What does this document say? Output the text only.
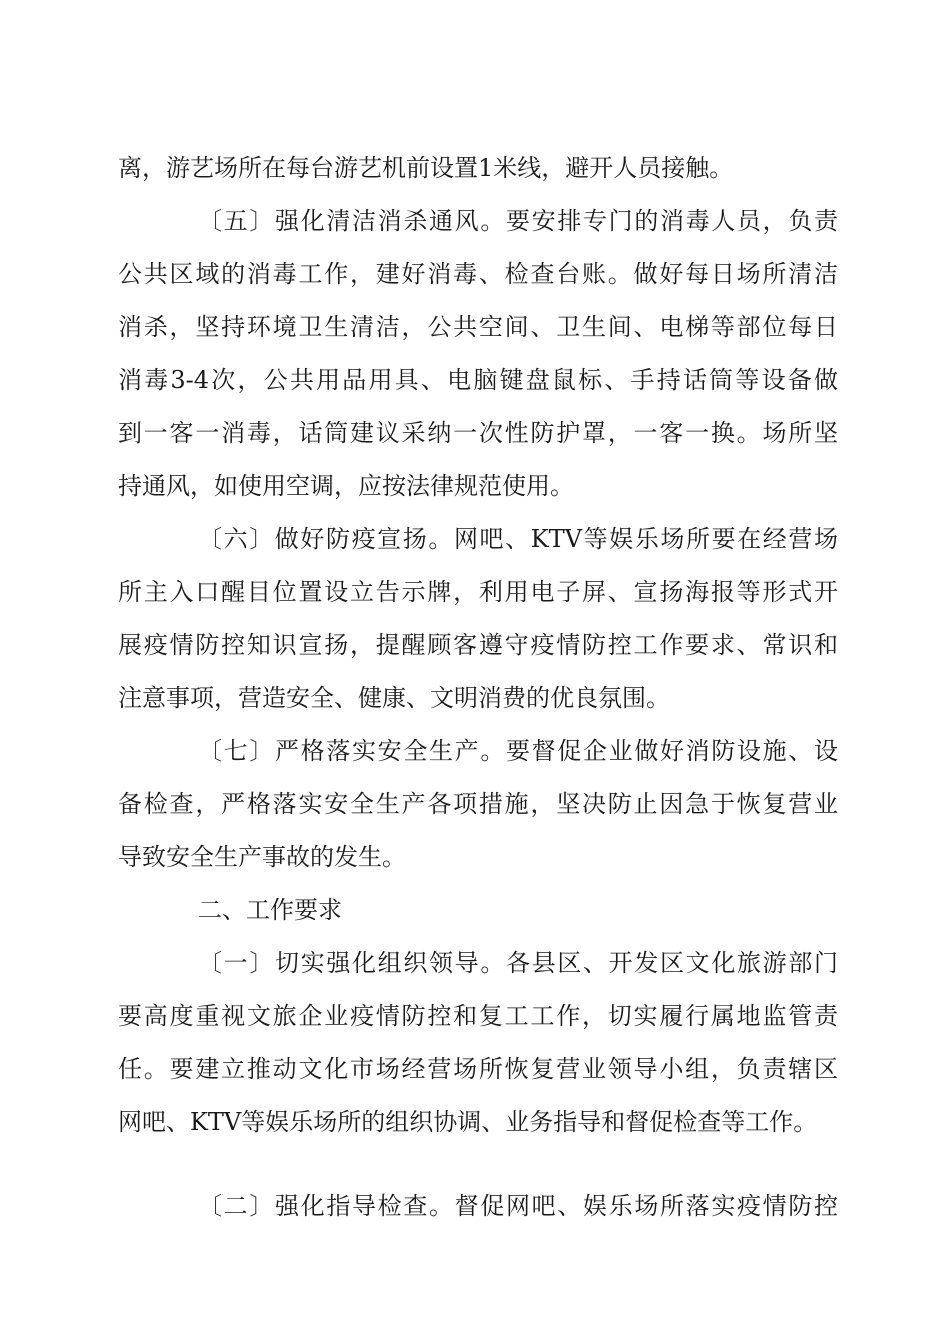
离，游艺场所在每台游艺机前设置1米线，避开人员接触。
〔五〕强化清洁消杀通风。要安排专门的消毒人员，负责
公共区域的消毒工作，建好消毒、检查台账。做好每日场所清洁
消杀，坚持环境卫生清洁，公共空间、卫生间、电梯等部位每日
消毒3-4次，公共用品用具、电脑键盘鼠标、手持话筒等设备做
到一客一消毒，话筒建议采纳一次性防护罩，一客一换。场所坚
持通风，如使用空调，应按法律规范使用。
〔六〕做好防疫宣扬。网吧、KTV等娱乐场所要在经营场
所主入口醒目位置设立告示牌，利用电子屏、宣扬海报等形式开
展疫情防控知识宣扬，提醒顾客遵守疫情防控工作要求、常识和
注意事项，营造安全、健康、文明消费的优良氛围。
〔七〕严格落实安全生产。要督促企业做好消防设施、设
备检查，严格落实安全生产各项措施，坚决防止因急于恢复营业
导致安全生产事故的发生。
二、工作要求
〔一〕切实强化组织领导。各县区、开发区文化旅游部门
要高度重视文旅企业疫情防控和复工工作，切实履行属地监管责
任。要建立推动文化市场经营场所恢复营业领导小组，负责辖区
网吧、KTV等娱乐场所的组织协调、业务指导和督促检查等工作。
〔二〕强化指导检查。督促网吧、娱乐场所落实疫情防控
